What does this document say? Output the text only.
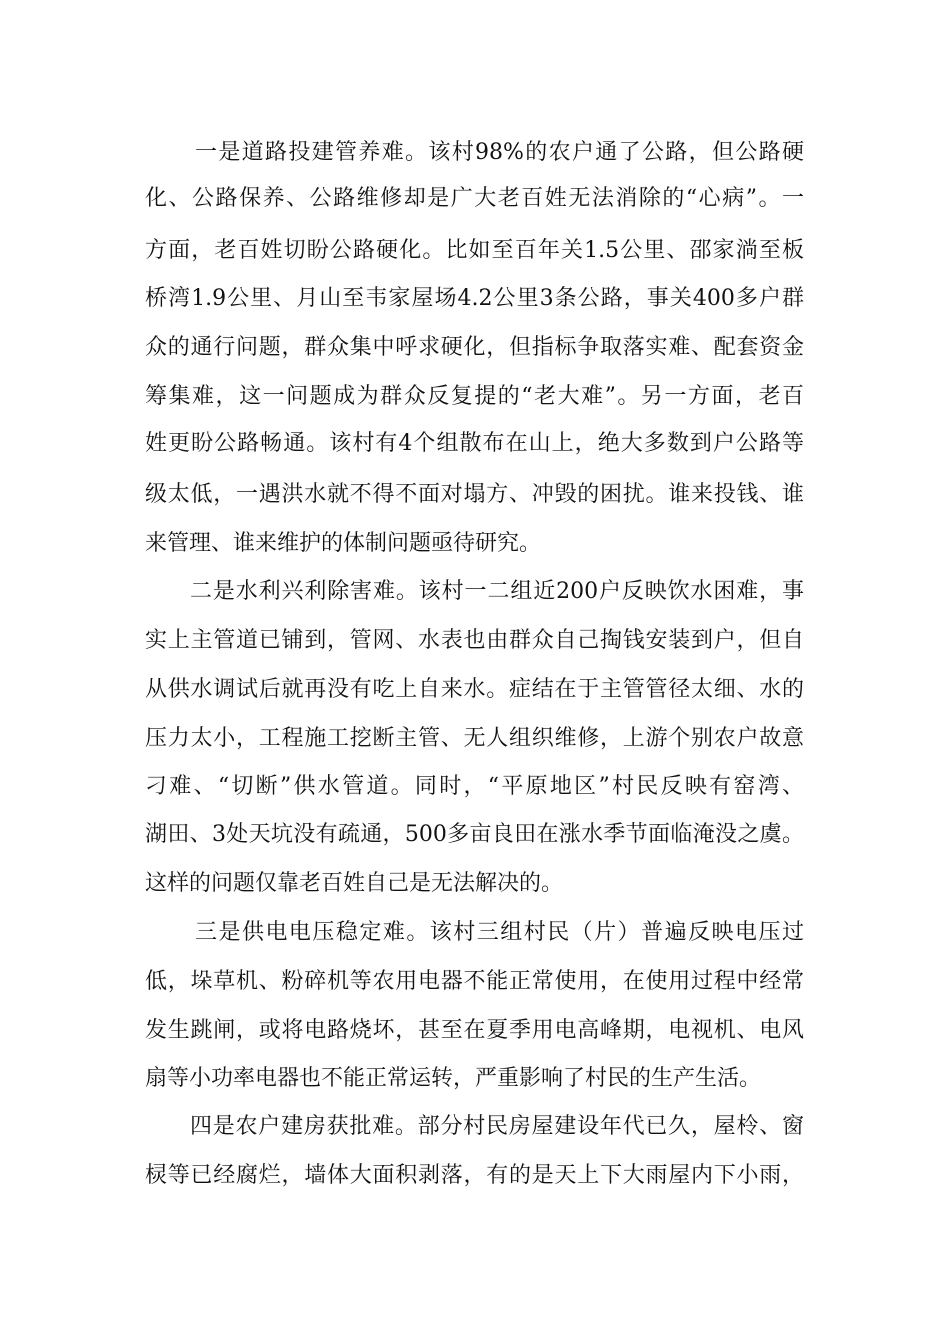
一是道路投建管养难。该村98%的农户通了公路，但公路硬

化、公路保养、公路维修却是广大老百姓无法消除的“心病”。一

方面，老百姓切盼公路硬化。比如至百年关1.5公里、邵家淌至板

桥湾1.9公里、月山至韦家屋场4.2公里3条公路，事关400多户群

众的通行问题，群众集中呼求硬化，但指标争取落实难、配套资金

筹集难，这一问题成为群众反复提的“老大难”。另一方面，老百

姓更盼公路畅通。该村有4个组散布在山上，绝大多数到户公路等

级太低，一遇洪水就不得不面对塌方、冲毁的困扰。谁来投钱、谁

来管理、谁来维护的体制问题亟待研究。

二是水利兴利除害难。该村一二组近200户反映饮水困难，事

实上主管道已铺到，管网、水表也由群众自己掏钱安装到户，但自

从供水调试后就再没有吃上自来水。症结在于主管管径太细、水的

压力太小，工程施工挖断主管、无人组织维修，上游个别农户故意

刁难、“切断”供水管道。同时，“平原地区”村民反映有窑湾、

湖田、3处天坑没有疏通，500多亩良田在涨水季节面临淹没之虞。

这样的问题仅靠老百姓自己是无法解决的。

三是供电电压稳定难。该村三组村民（片）普遍反映电压过

低，垛草机、粉碎机等农用电器不能正常使用，在使用过程中经常

发生跳闸，或将电路烧坏，甚至在夏季用电高峰期，电视机、电风

扇等小功率电器也不能正常运转，严重影响了村民的生产生活。

四是农户建房获批难。部分村民房屋建设年代已久，屋柃、窗

棂等已经腐烂，墙体大面积剥落，有的是天上下大雨屋内下小雨，
